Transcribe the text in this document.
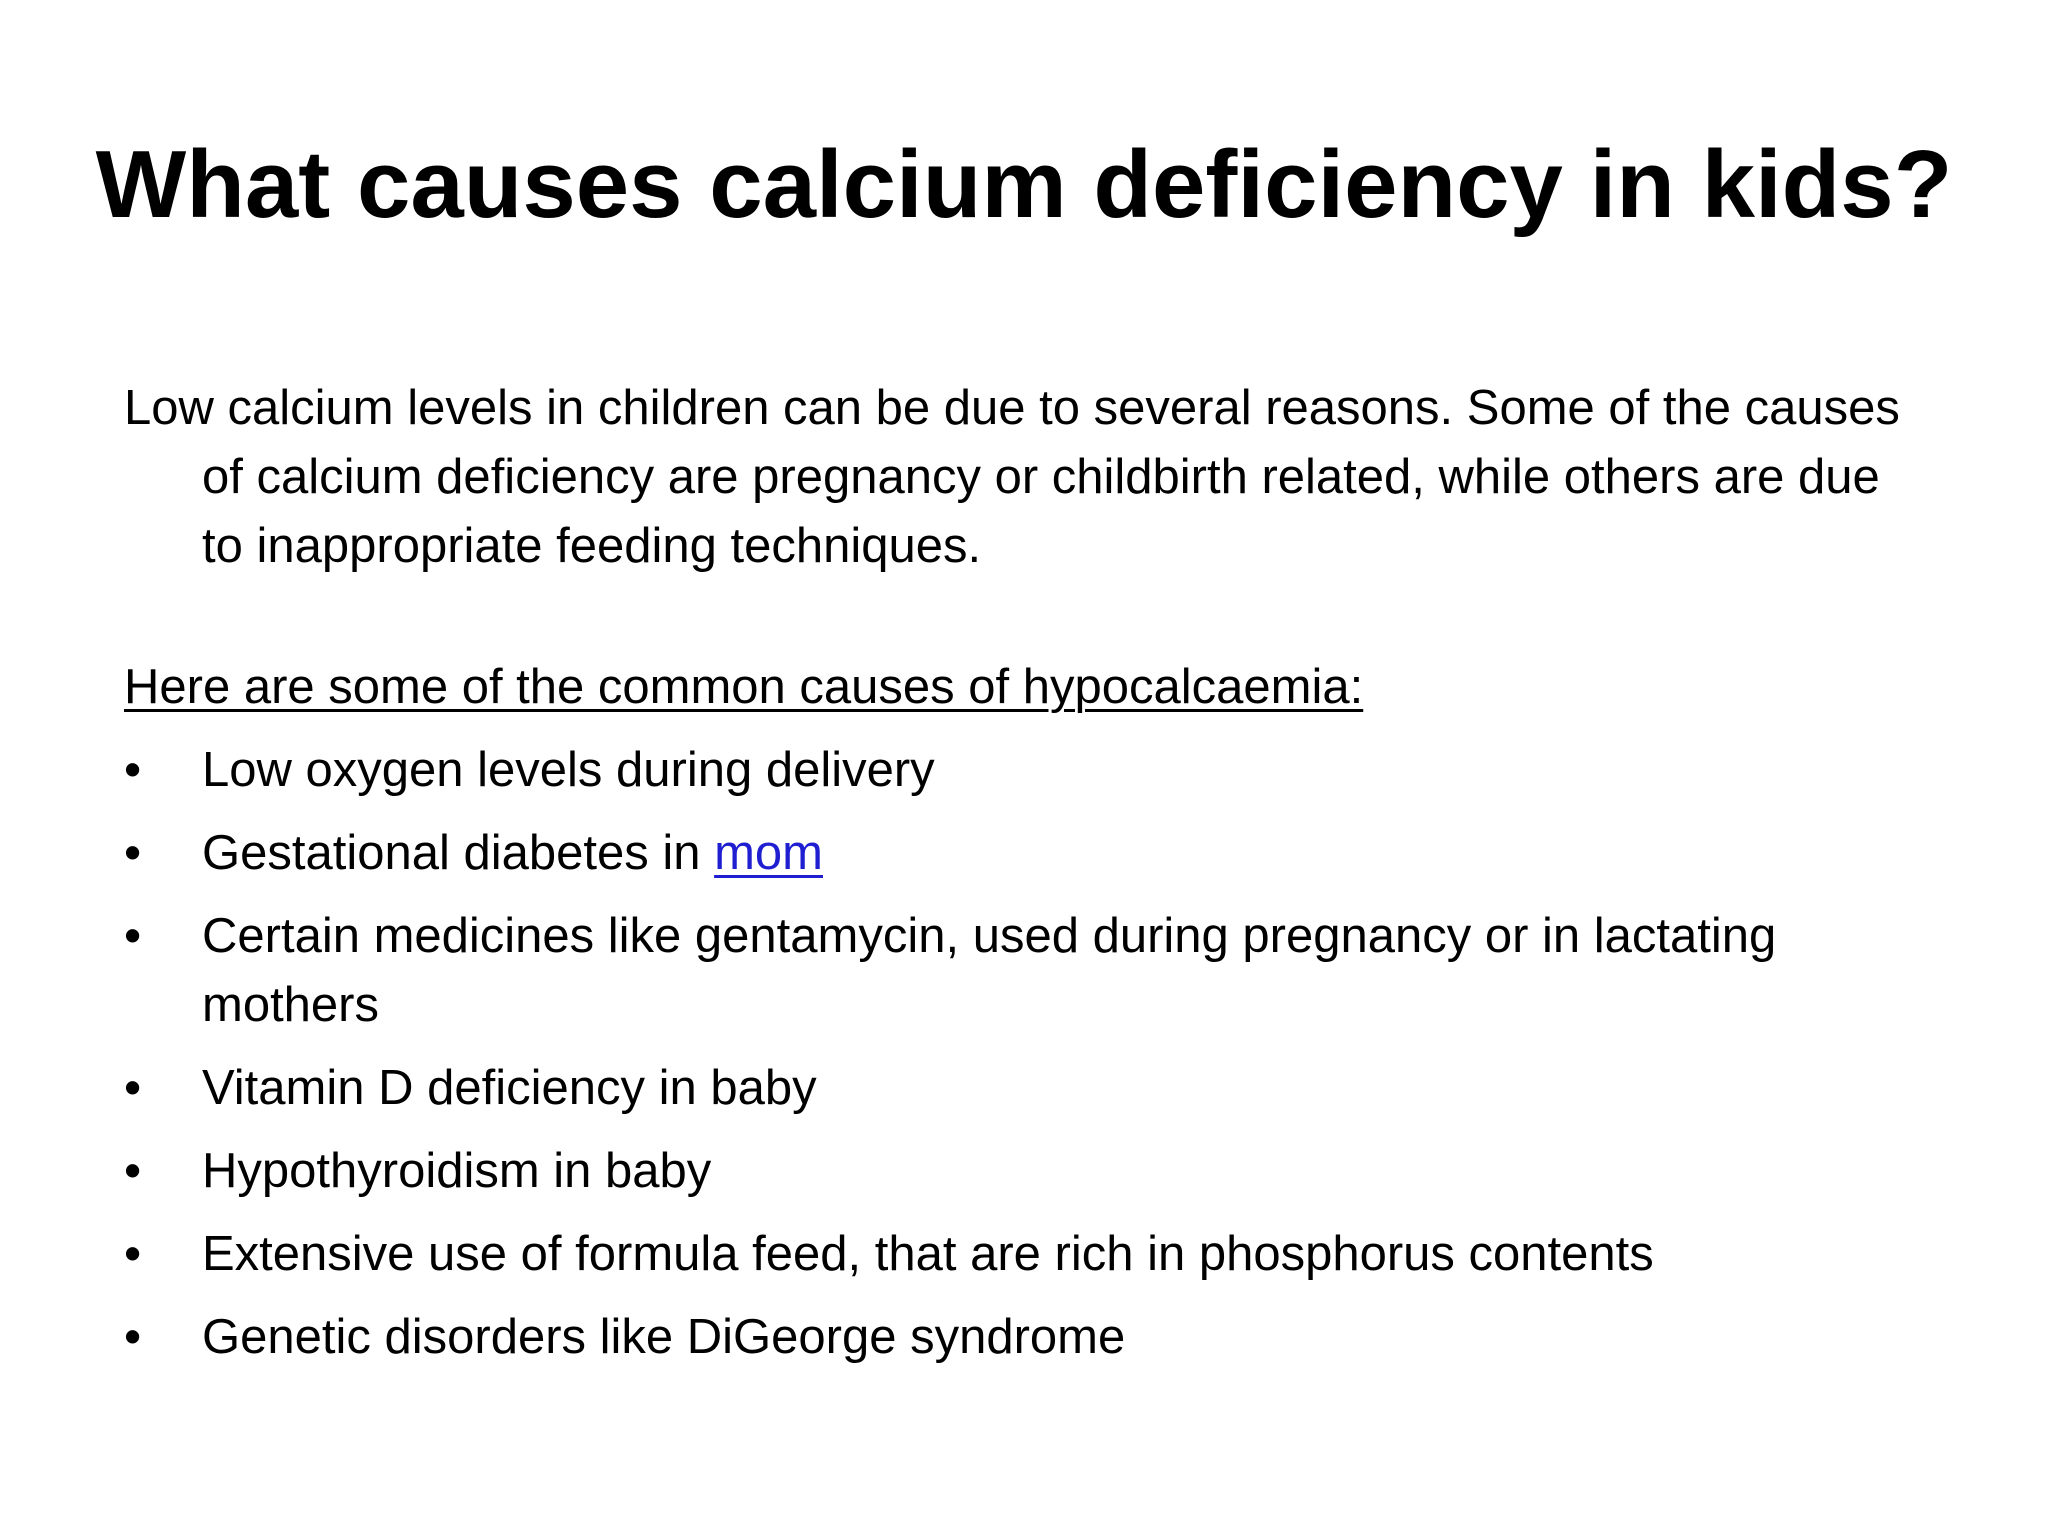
What causes calcium deficiency in kids?

Low calcium levels in children can be due to several reasons. Some of the causes of calcium deficiency are pregnancy or childbirth related, while others are due to inappropriate feeding techniques.

Here are some of the common causes of hypocalcaemia:

•	Low oxygen levels during delivery
•	Gestational diabetes in mom
•	Certain medicines like gentamycin, used during pregnancy or in lactating mothers
•	Vitamin D deficiency in baby
•	Hypothyroidism in baby
•	Extensive use of formula feed, that are rich in phosphorus contents
•	Genetic disorders like DiGeorge syndrome
